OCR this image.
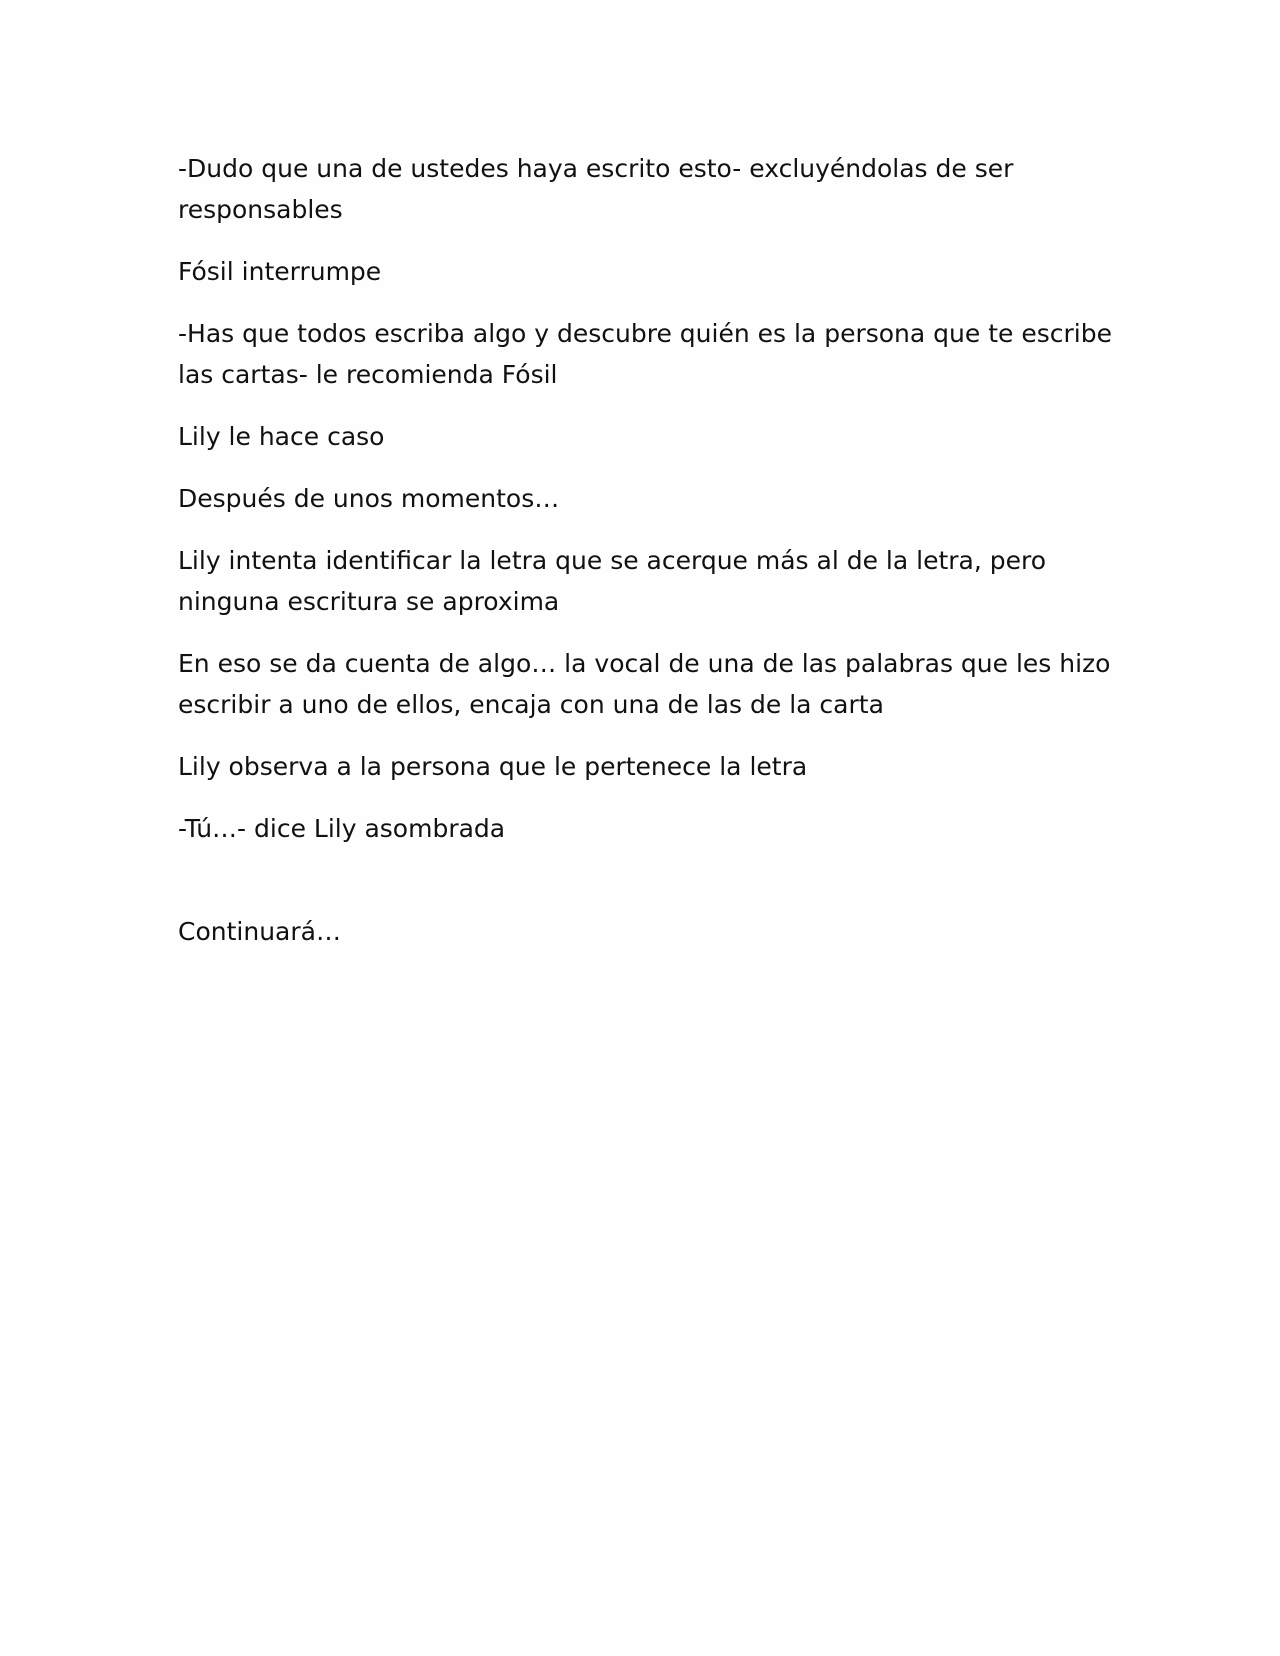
-Dudo que una de ustedes haya escrito esto- excluyéndolas de ser responsables

Fósil interrumpe

-Has que todos escriba algo y descubre quién es la persona que te escribe las cartas- le recomienda Fósil

Lily le hace caso

Después de unos momentos…

Lily intenta identificar la letra que se acerque más al de la letra, pero ninguna escritura se aproxima

En eso se da cuenta de algo… la vocal de una de las palabras que les hizo escribir a uno de ellos, encaja con una de las de la carta

Lily observa a la persona que le pertenece la letra

-Tú…- dice Lily asombrada

Continuará…
